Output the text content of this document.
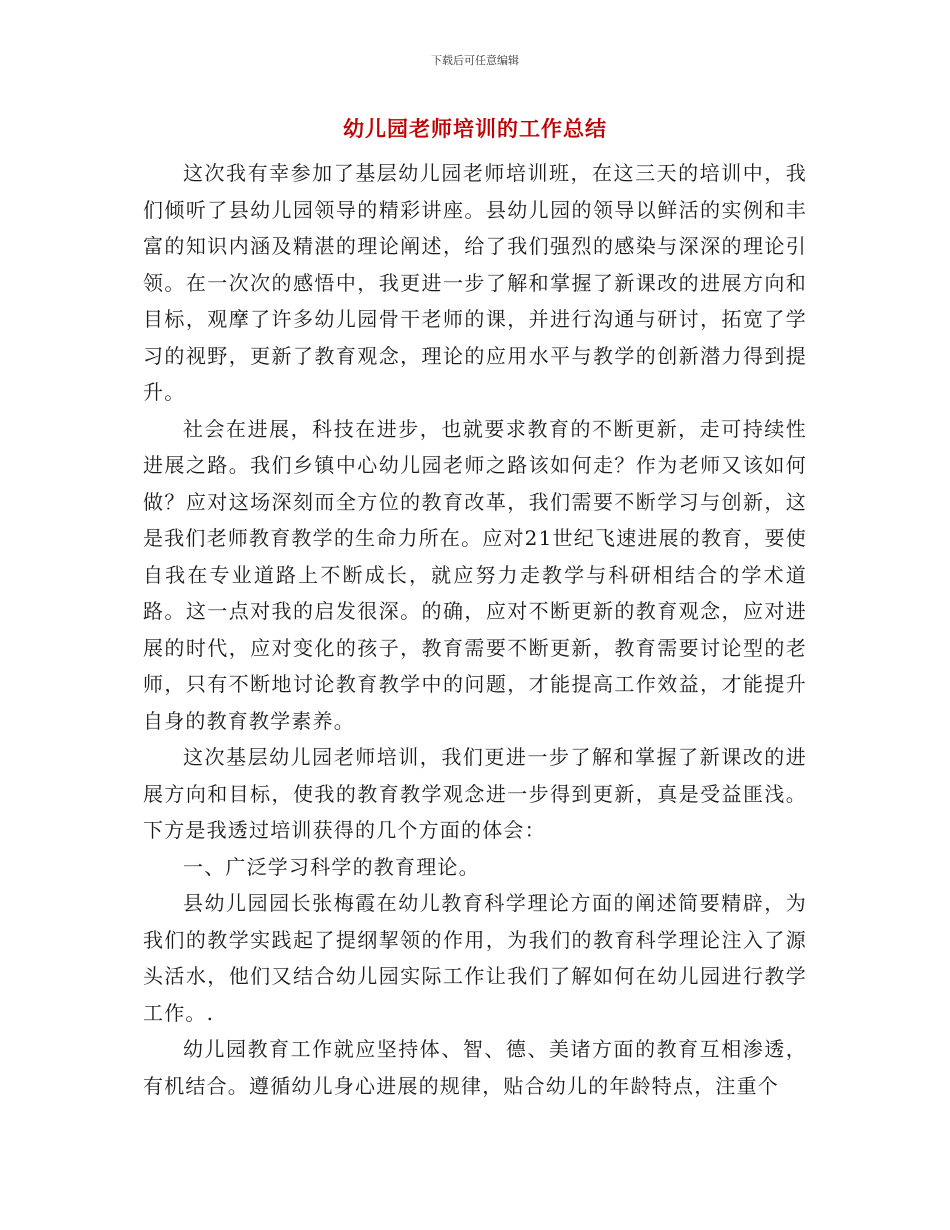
下载后可任意编辑
幼儿园老师培训的工作总结

这次我有幸参加了基层幼儿园老师培训班，在这三天的培训中，我们倾听了县幼儿园领导的精彩讲座。县幼儿园的领导以鲜活的实例和丰富的知识内涵及精湛的理论阐述，给了我们强烈的感染与深深的理论引领。在一次次的感悟中，我更进一步了解和掌握了新课改的进展方向和目标，观摩了许多幼儿园骨干老师的课，并进行沟通与研讨，拓宽了学习的视野，更新了教育观念，理论的应用水平与教学的创新潜力得到提升。

社会在进展，科技在进步，也就要求教育的不断更新，走可持续性进展之路。我们乡镇中心幼儿园老师之路该如何走？作为老师又该如何做？应对这场深刻而全方位的教育改革，我们需要不断学习与创新，这是我们老师教育教学的生命力所在。应对21世纪飞速进展的教育，要使自我在专业道路上不断成长，就应努力走教学与科研相结合的学术道路。这一点对我的启发很深。的确，应对不断更新的教育观念，应对进展的时代，应对变化的孩子，教育需要不断更新，教育需要讨论型的老师，只有不断地讨论教育教学中的问题，才能提高工作效益，才能提升自身的教育教学素养。

这次基层幼儿园老师培训，我们更进一步了解和掌握了新课改的进展方向和目标，使我的教育教学观念进一步得到更新，真是受益匪浅。下方是我透过培训获得的几个方面的体会：

一、广泛学习科学的教育理论。

县幼儿园园长张梅霞在幼儿教育科学理论方面的阐述简要精辟，为我们的教学实践起了提纲挈领的作用，为我们的教育科学理论注入了源头活水，他们又结合幼儿园实际工作让我们了解如何在幼儿园进行教学工作。.

幼儿园教育工作就应坚持体、智、德、美诸方面的教育互相渗透，有机结合。遵循幼儿身心进展的规律，贴合幼儿的年龄特点，注重个
